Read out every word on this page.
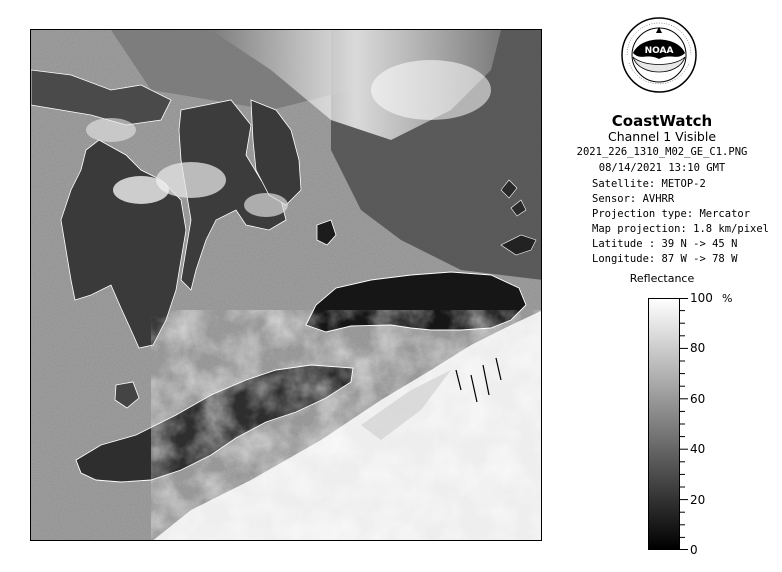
NOAA
CoastWatch
Channel 1 Visible
2021_226_1310_M02_GE_C1.PNG
08/14/2021 13:10 GMT
Satellite: METOP-2
Sensor: AVHRR
Projection type: Mercator
Map projection: 1.8 km/pixel
Latitude : 39 N -> 45 N
Longitude: 87 W -> 78 W
Reflectance
%
100
80
60
40
20
0
